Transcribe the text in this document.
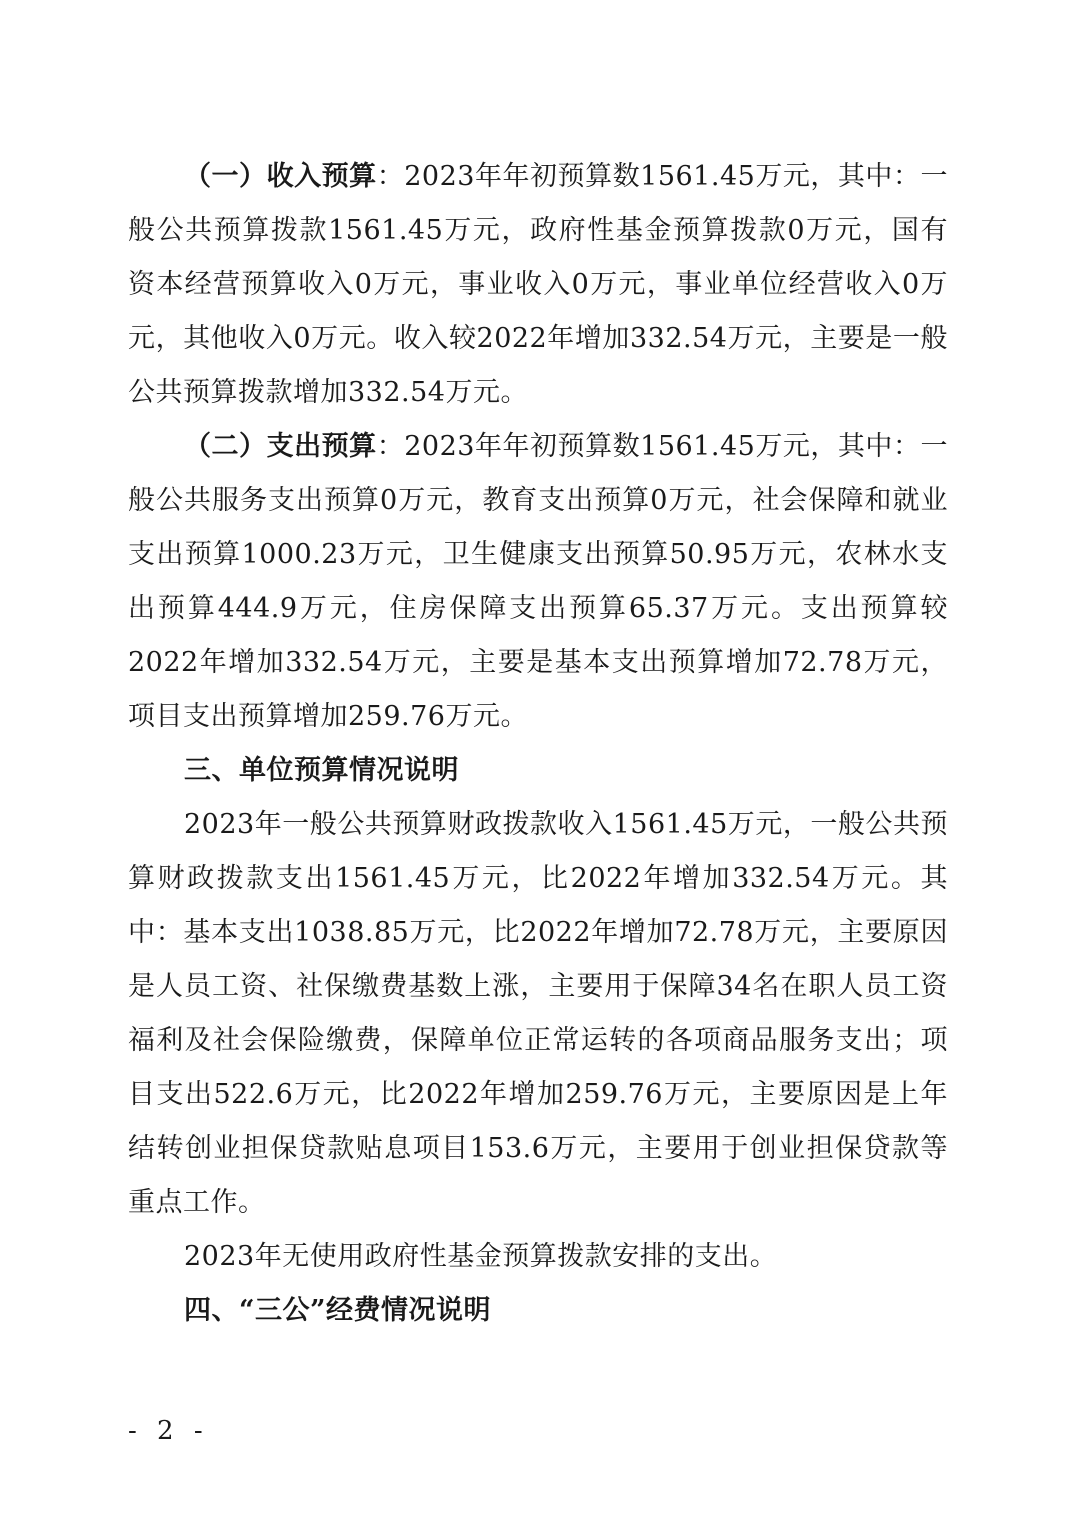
（一）收入预算：2023年年初预算数1561.45万元，其中：一般公共预算拨款1561.45万元，政府性基金预算拨款0万元，国有资本经营预算收入0万元，事业收入0万元，事业单位经营收入0万元，其他收入0万元。收入较2022年增加332.54万元，主要是一般公共预算拨款增加332.54万元。

（二）支出预算：2023年年初预算数1561.45万元，其中：一般公共服务支出预算0万元，教育支出预算0万元，社会保障和就业支出预算1000.23万元，卫生健康支出预算50.95万元，农林水支出预算444.9万元，住房保障支出预算65.37万元。支出预算较2022年增加332.54万元，主要是基本支出预算增加72.78万元，项目支出预算增加259.76万元。

三、单位预算情况说明

2023年一般公共预算财政拨款收入1561.45万元，一般公共预算财政拨款支出1561.45万元，比2022年增加332.54万元。其中：基本支出1038.85万元，比2022年增加72.78万元，主要原因是人员工资、社保缴费基数上涨，主要用于保障34名在职人员工资福利及社会保险缴费，保障单位正常运转的各项商品服务支出；项目支出522.6万元，比2022年增加259.76万元，主要原因是上年结转创业担保贷款贴息项目153.6万元，主要用于创业担保贷款等重点工作。

2023年无使用政府性基金预算拨款安排的支出。

四、“三公”经费情况说明

- 2 -
